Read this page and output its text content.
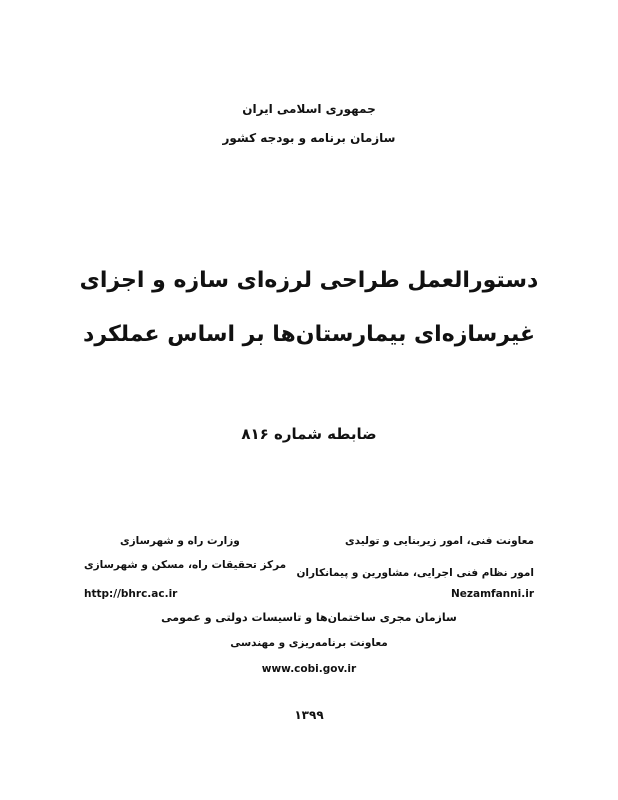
جمهوری اسلامی ایران
سازمان برنامه و بودجه کشور
دستورالعمل طراحی لرزه‌ای سازه و اجزای
غیرسازه‌ای بیمارستان‌ها بر اساس عملکرد
ضابطه شماره ۸۱۶
معاونت فنی، امور زیربنایی و تولیدی
امور نظام فنی اجرایی، مشاورین و پیمانکاران
Nezamfanni.ir
وزارت راه و شهرسازی
مرکز تحقیقات راه، مسکن و شهرسازی
http://bhrc.ac.ir
سازمان مجری ساختمان‌ها و تاسیسات دولتی و عمومی
معاونت برنامه‌ریزی و مهندسی
www.cobi.gov.ir
۱۳۹۹
